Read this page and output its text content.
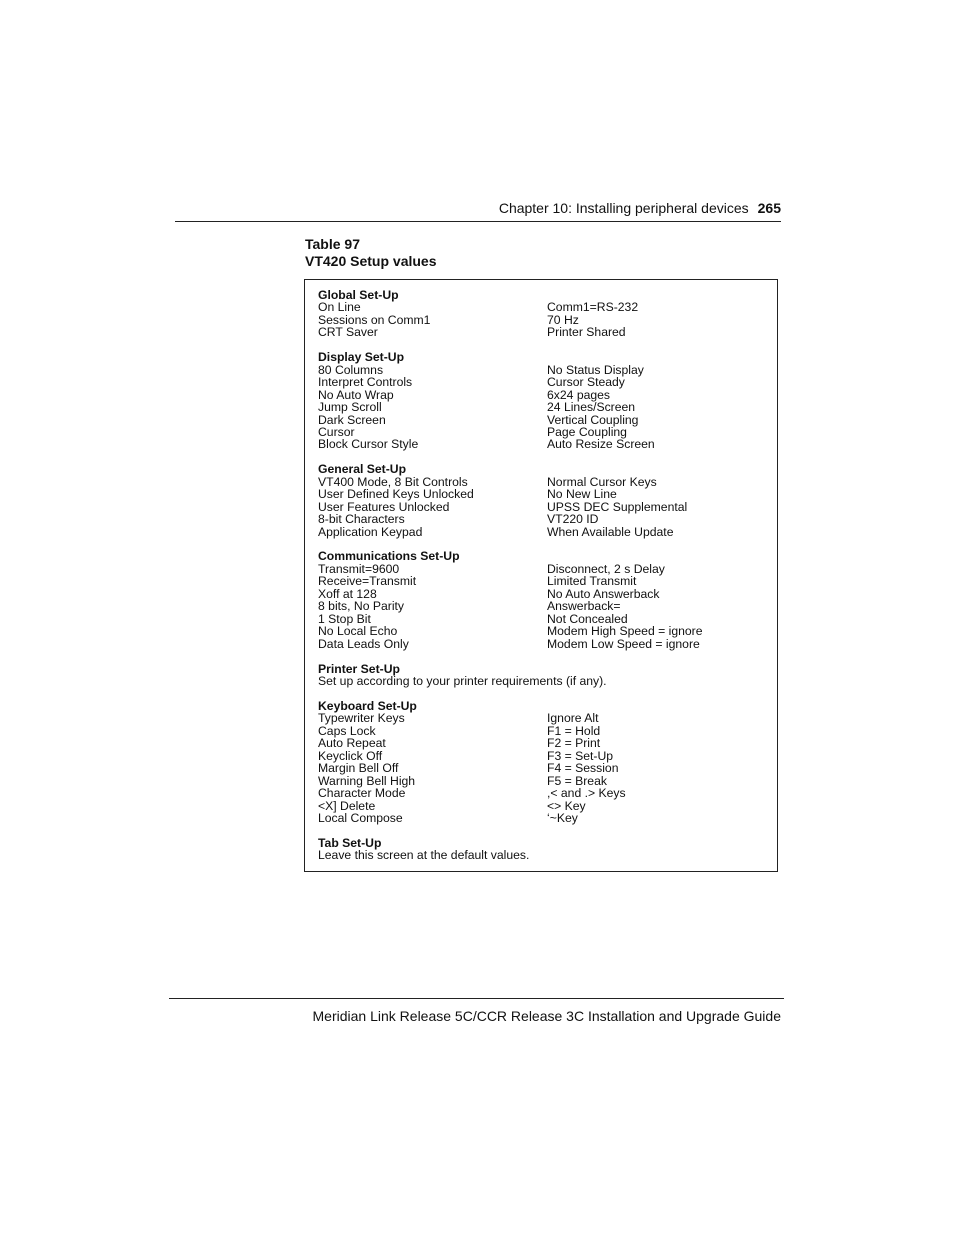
Chapter 10: Installing peripheral devices 265
Table 97
VT420 Setup values
Global Set-Up
On Line	Comm1=RS-232
Sessions on Comm1	70 Hz
CRT Saver	Printer Shared
Display Set-Up
80 Columns	No Status Display
Interpret Controls	Cursor Steady
No Auto Wrap	6x24 pages
Jump Scroll	24 Lines/Screen
Dark Screen	Vertical Coupling
Cursor	Page Coupling
Block Cursor Style	Auto Resize Screen
General Set-Up
VT400 Mode, 8 Bit Controls	Normal Cursor Keys
User Defined Keys Unlocked	No New Line
User Features Unlocked	UPSS DEC Supplemental
8-bit Characters	VT220 ID
Application Keypad	When Available Update
Communications Set-Up
Transmit=9600	Disconnect, 2 s Delay
Receive=Transmit	Limited Transmit
Xoff at 128	No Auto Answerback
8 bits, No Parity	Answerback=
1 Stop Bit	Not Concealed
No Local Echo	Modem High Speed = ignore
Data Leads Only	Modem Low Speed = ignore
Printer Set-Up
Set up according to your printer requirements (if any).
Keyboard Set-Up
Typewriter Keys	Ignore Alt
Caps Lock	F1 = Hold
Auto Repeat	F2 = Print
Keyclick Off	F3 = Set-Up
Margin Bell Off	F4 = Session
Warning Bell High	F5 = Break
Character Mode	,< and .> Keys
<X] Delete	<> Key
Local Compose	‘~Key
Tab Set-Up
Leave this screen at the default values.
Meridian Link Release 5C/CCR Release 3C Installation and Upgrade Guide
